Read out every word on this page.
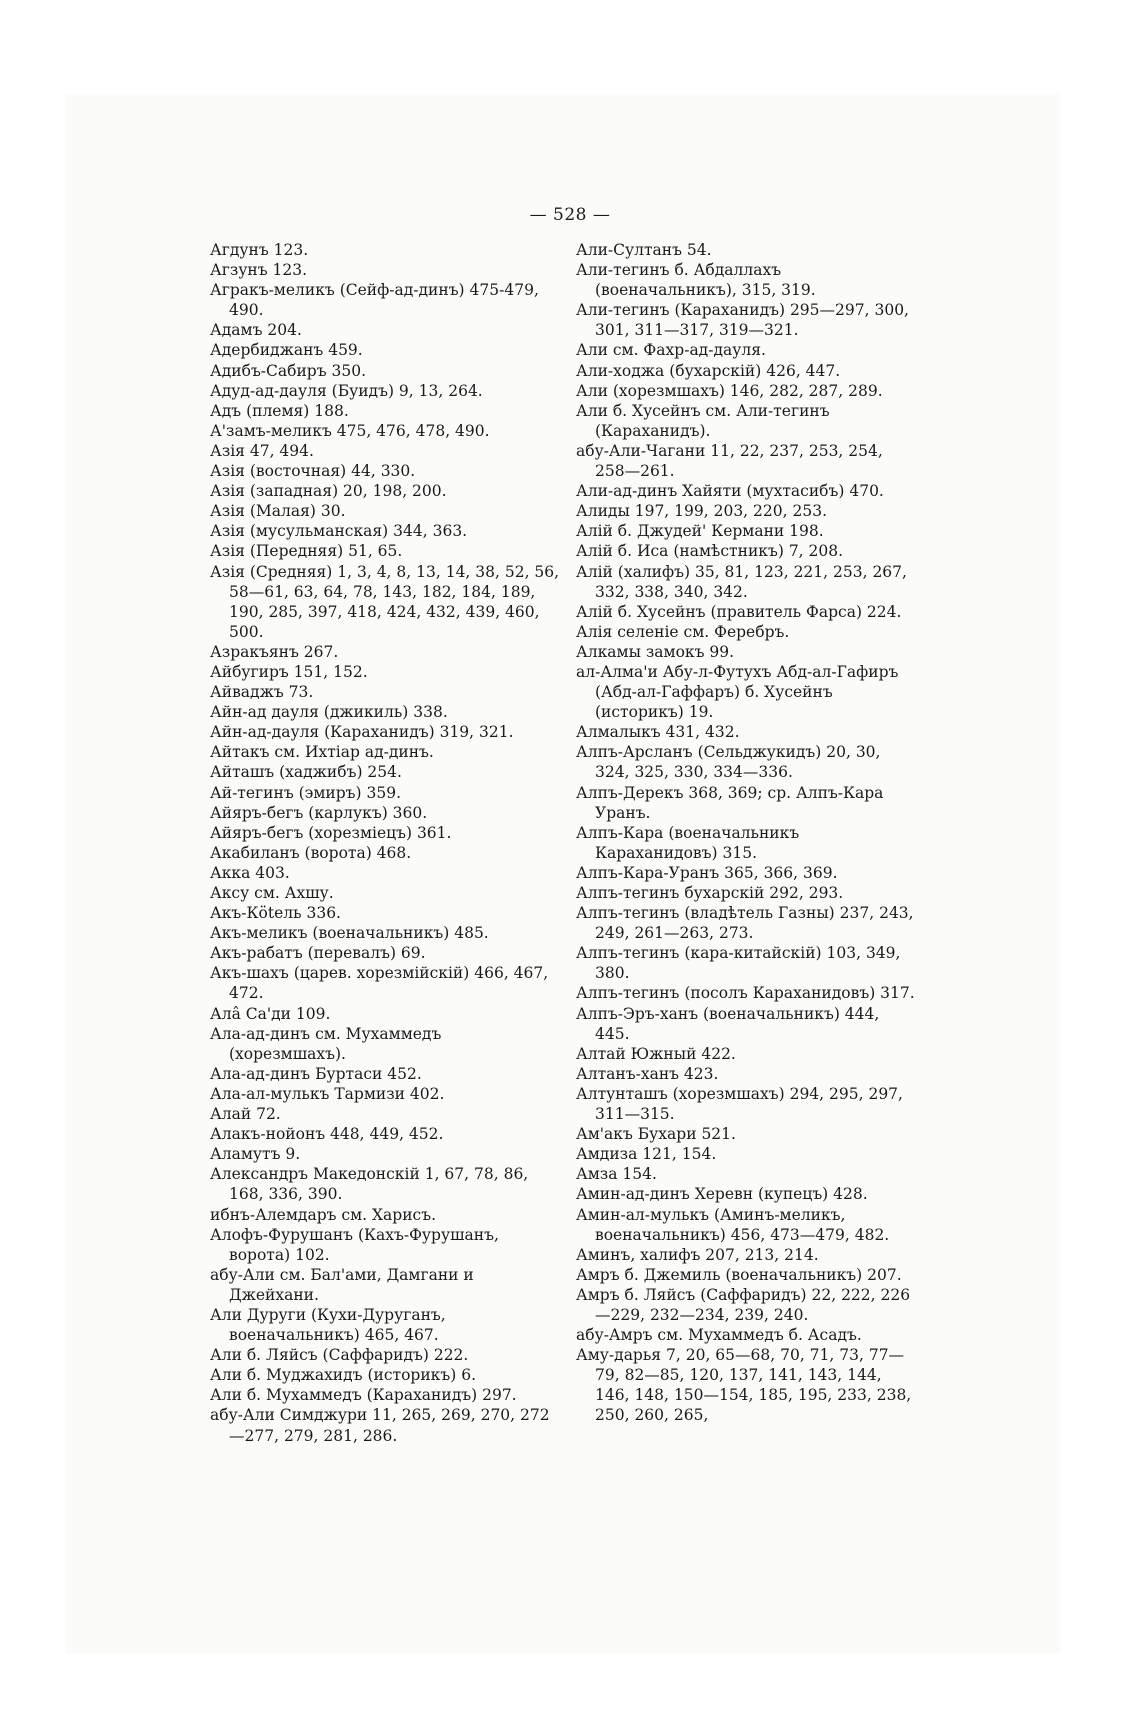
— 528 —
Агдунъ 123.
Агзунъ 123.
Агракъ-меликъ (Сейф-ад-динъ) 475-479, 490.
Адамъ 204.
Адербиджанъ 459.
Адибъ-Сабиръ 350.
Адуд-ад-дауля (Буидъ) 9, 13, 264.
Адъ (племя) 188.
А'замъ-меликъ 475, 476, 478, 490.
Азія 47, 494.
Азія (восточная) 44, 330.
Азія (западная) 20, 198, 200.
Азія (Малая) 30.
Азія (мусульманская) 344, 363.
Азія (Передняя) 51, 65.
Азія (Средняя) 1, 3, 4, 8, 13, 14, 38, 52, 56, 58—61, 63, 64, 78, 143, 182, 184, 189, 190, 285, 397, 418, 424, 432, 439, 460, 500.
Азракъянъ 267.
Айбугиръ 151, 152.
Айваджъ 73.
Айн-ад дауля (джикиль) 338.
Айн-ад-дауля (Караханидъ) 319, 321.
Айтакъ см. Ихтіар ад-динъ.
Айташъ (хаджибъ) 254.
Ай-тегинъ (эмиръ) 359.
Айяръ-бегъ (карлукъ) 360.
Айяръ-бегъ (хорезміецъ) 361.
Акабиланъ (ворота) 468.
Акка 403.
Аксу см. Ахшу.
Акъ-Кötель 336.
Акъ-меликъ (военачальникъ) 485.
Акъ-рабатъ (перевалъ) 69.
Акъ-шахъ (царев. хорезмійскій) 466, 467, 472.
Алâ Са'ди 109.
Ала-ад-динъ см. Мухаммедъ (хорезмшахъ).
Ала-ад-динъ Буртаси 452.
Ала-ал-мулькъ Тармизи 402.
Алай 72.
Алакъ-нойонъ 448, 449, 452.
Аламутъ 9.
Александръ Македонскій 1, 67, 78, 86, 168, 336, 390.
ибнъ-Алемдаръ см. Харисъ.
Алофъ-Фурушанъ (Кахъ-Фурушанъ, ворота) 102.
абу-Али см. Бал'ами, Дамгани и Джейхани.
Али Дуруги (Кухи-Дуруганъ, военачальникъ) 465, 467.
Али б. Ляйсъ (Саффаридъ) 222.
Али б. Муджахидъ (историкъ) 6.
Али б. Мухаммедъ (Караханидъ) 297.
абу-Али Симджури 11, 265, 269, 270, 272—277, 279, 281, 286.
Али-Султанъ 54.
Али-тегинъ б. Абдаллахъ (военачальникъ), 315, 319.
Али-тегинъ (Караханидъ) 295—297, 300, 301, 311—317, 319—321.
Али см. Фахр-ад-дауля.
Али-ходжа (бухарскій) 426, 447.
Али (хорезмшахъ) 146, 282, 287, 289.
Али б. Хусейнъ см. Али-тегинъ (Караханидъ).
абу-Али-Чагани 11, 22, 237, 253, 254, 258—261.
Али-ад-динъ Хайяти (мухтасибъ) 470.
Алиды 197, 199, 203, 220, 253.
Алій б. Джудей' Кермани 198.
Алій б. Иса (намѣстникъ) 7, 208.
Алій (халифъ) 35, 81, 123, 221, 253, 267, 332, 338, 340, 342.
Алій б. Хусейнъ (правитель Фарса) 224.
Алія селеніе см. Феребръ.
Алкамы замокъ 99.
ал-Алма'и Абу-л-Футухъ Абд-ал-Гафиръ (Абд-ал-Гаффаръ) б. Хусейнъ (историкъ) 19.
Алмалыкъ 431, 432.
Алпъ-Арсланъ (Сельджукидъ) 20, 30, 324, 325, 330, 334—336.
Алпъ-Дерекъ 368, 369; ср. Алпъ-Кара Уранъ.
Алпъ-Кара (военачальникъ Караханидовъ) 315.
Алпъ-Кара-Уранъ 365, 366, 369.
Алпъ-тегинъ бухарскій 292, 293.
Алпъ-тегинъ (владѣтель Газны) 237, 243, 249, 261—263, 273.
Алпъ-тегинъ (кара-китайскій) 103, 349, 380.
Алпъ-тегинъ (посолъ Караханидовъ) 317.
Алпъ-Эръ-ханъ (военачальникъ) 444, 445.
Алтай Южный 422.
Алтанъ-ханъ 423.
Алтунташъ (хорезмшахъ) 294, 295, 297, 311—315.
Ам'акъ Бухари 521.
Амдиза 121, 154.
Амза 154.
Амин-ад-динъ Херевн (купецъ) 428.
Амин-ал-мулькъ (Аминъ-меликъ, военачальникъ) 456, 473—479, 482.
Аминъ, халифъ 207, 213, 214.
Амръ б. Джемиль (военачальникъ) 207.
Амръ б. Ляйсъ (Саффаридъ) 22, 222, 226—229, 232—234, 239, 240.
абу-Амръ см. Мухаммедъ б. Асадъ.
Аму-дарья 7, 20, 65—68, 70, 71, 73, 77—79, 82—85, 120, 137, 141, 143, 144, 146, 148, 150—154, 185, 195, 233, 238, 250, 260, 265,
